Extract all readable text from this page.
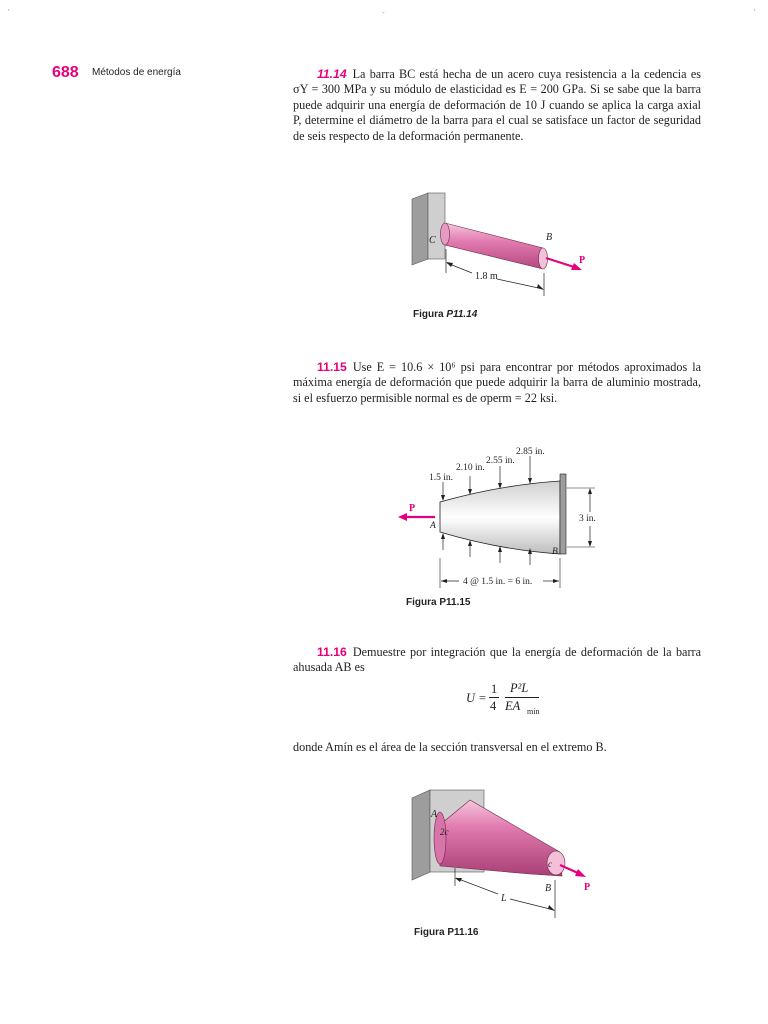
'	-	'
688 Métodos de energía	11.14 La barra BC está hecha de un acero cuya resistencia a la cedencia es σY = 300 MPa y su módulo de elasticidad es E = 200 GPa. Si se sabe que la barra puede adquirir una energía de deformación de 10 J cuando se aplica la carga axial P, determine el diámetro de la barra para el cual se satisface un factor de seguridad de seis respecto de la deformación permanente.
C	B
P
1.8 m
Figura P11.14
11.15 Use E = 10.6 × 10⁶ psi para encontrar por métodos aproximados la máxima energía de deformación que puede adquirir la barra de aluminio mostrada, si el esfuerzo permisible normal es de σperm = 22 ksi.
P
A
B
1.5 in.
2.10 in.
2.55 in.
2.85 in.
3 in.
4 @ 1.5 in. = 6 in.
Figura P11.15
11.16 Demuestre por integración que la energía de deformación de la barra ahusada AB es
U =
1
4
P²L
EA mín
donde Amín es el área de la sección transversal en el extremo B.
A
2c
c
B	P
L
Figura P11.16
